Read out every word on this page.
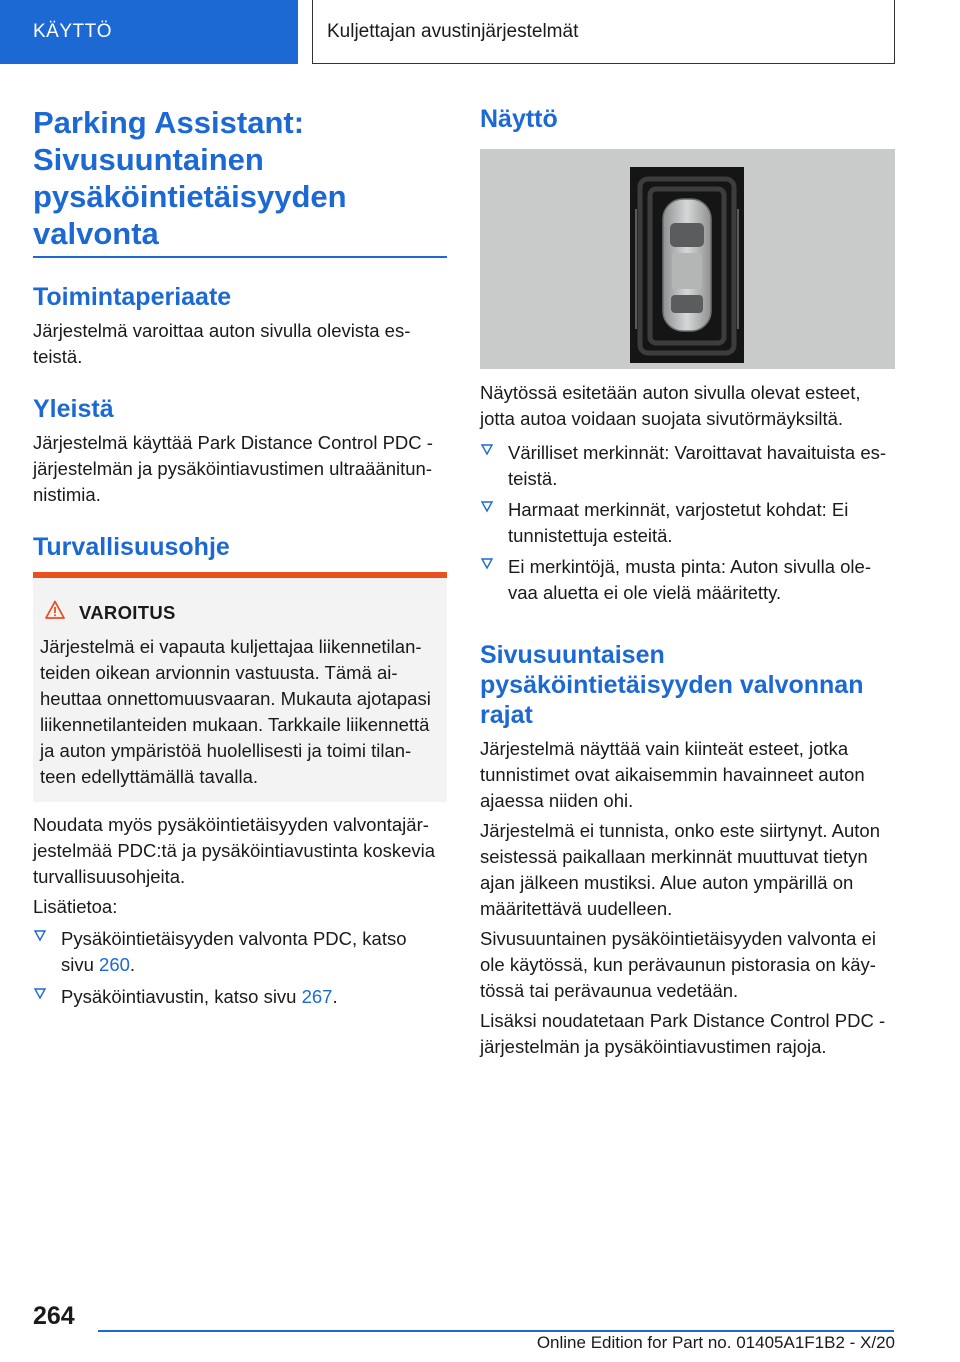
KÄYTTÖ	Kuljettajan avustinjärjestelmät
Parking Assistant: Sivusuuntainen pysäköintietäisyyden valvonta
Toimintaperiaate

Järjestelmä varoittaa auton sivulla olevista es-teistä.

Yleistä

Järjestelmä käyttää Park Distance Control PDC -järjestelmän ja pysäköintiavustimen ultraäänitun-nistimia.

Turvallisuusohje
VAROITUS

Järjestelmä ei vapauta kuljettajaa liikennetilan-teiden oikean arvionnin vastuusta. Tämä ai-heuttaa onnettomuusvaaran. Mukauta ajotapasi liikennetilanteiden mukaan. Tarkkaile liikennettä ja auton ympäristöä huolellisesti ja toimi tilan-teen edellyttämällä tavalla.

Noudata myös pysäköintietäisyyden valvontajär-jestelmää PDC:tä ja pysäköintiavustinta koskevia turvallisuusohjeita.

Lisätietoa:

Pysäköintietäisyyden valvonta PDC, katso sivu 260.
Pysäköintiavustin, katso sivu 267.
Näyttö

Näytössä esitetään auton sivulla olevat esteet, jotta autoa voidaan suojata sivutörmäyksiltä.

Värilliset merkinnät: Varoittavat havaituista es-teistä.
Harmaat merkinnät, varjostetut kohdat: Ei tunnistettuja esteitä.
Ei merkintöjä, musta pinta: Auton sivulla ole-vaa aluetta ei ole vielä määritetty.
Sivusuuntaisen pysäköintietäisyyden valvonnan rajat

Järjestelmä näyttää vain kiinteät esteet, jotka tunnistimet ovat aikaisemmin havainneet auton ajaessa niiden ohi.

Järjestelmä ei tunnista, onko este siirtynyt. Auton seistessä paikallaan merkinnät muuttuvat tietyn ajan jälkeen mustiksi. Alue auton ympärillä on määritettävä uudelleen.

Sivusuuntainen pysäköintietäisyyden valvonta ei ole käytössä, kun perävaunun pistorasia on käy-tössä tai perävaunua vedetään.

Lisäksi noudatetaan Park Distance Control PDC -järjestelmän ja pysäköintiavustimen rajoja.

264
Online Edition for Part no. 01405A1F1B2 - X/20
